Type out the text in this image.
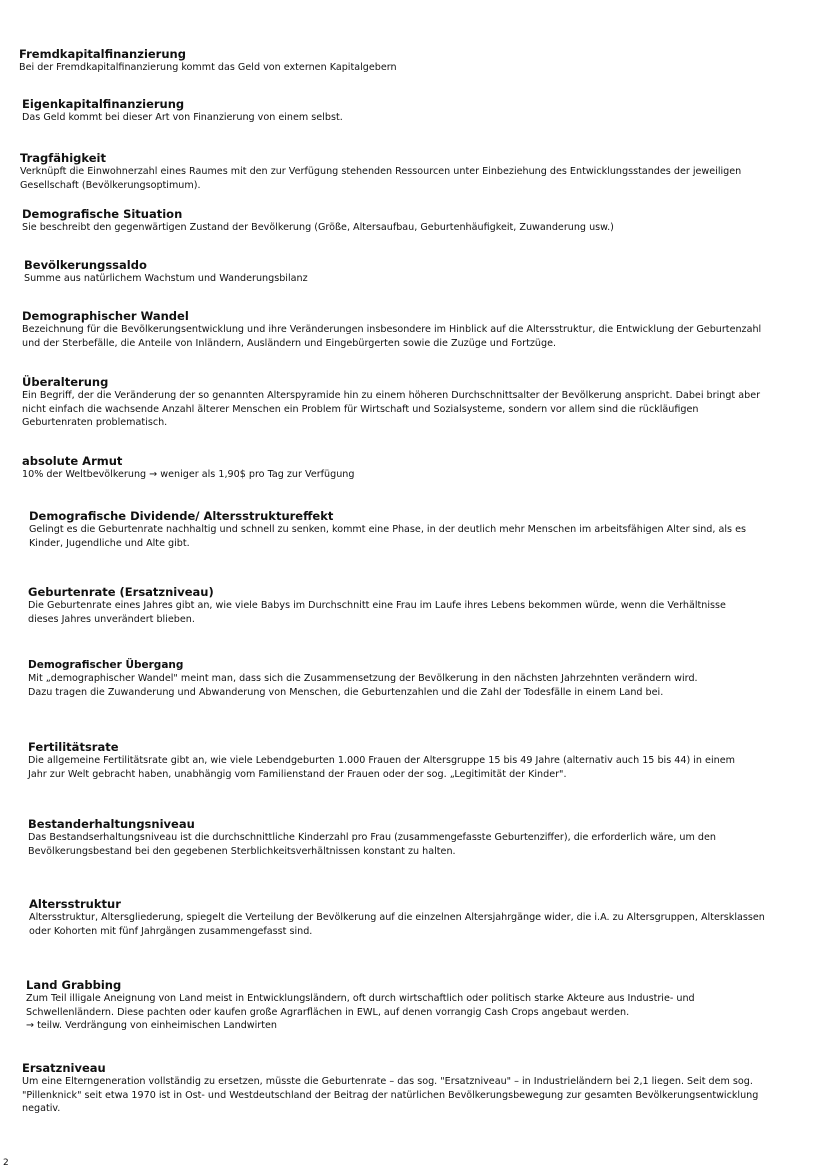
Fremdkapitalfinanzierung

Bei der Fremdkapitalfinanzierung kommt das Geld von externen Kapitalgebern

Eigenkapitalfinanzierung

Das Geld kommt bei dieser Art von Finanzierung von einem selbst.

Tragfähigkeit

Verknüpft die Einwohnerzahl eines Raumes mit den zur Verfügung stehenden Ressourcen unter Einbeziehung des Entwicklungsstandes der jeweiligen
Gesellschaft (Bevölkerungsoptimum).

Demografische Situation

Sie beschreibt den gegenwärtigen Zustand der Bevölkerung (Größe, Altersaufbau, Geburtenhäufigkeit, Zuwanderung usw.)

Bevölkerungssaldo

Summe aus natürlichem Wachstum und Wanderungsbilanz

Demographischer Wandel

Bezeichnung für die Bevölkerungsentwicklung und ihre Veränderungen insbesondere im Hinblick auf die Altersstruktur, die Entwicklung der Geburtenzahl
und der Sterbefälle, die Anteile von Inländern, Ausländern und Eingebürgerten sowie die Zuzüge und Fortzüge.

Überalterung

Ein Begriff, der die Veränderung der so genannten Alterspyramide hin zu einem höheren Durchschnittsalter der Bevölkerung anspricht. Dabei bringt aber
nicht einfach die wachsende Anzahl älterer Menschen ein Problem für Wirtschaft und Sozialsysteme, sondern vor allem sind die rückläufigen
Geburtenraten problematisch.

absolute Armut

10% der Weltbevölkerung → weniger als 1,90$ pro Tag zur Verfügung

Demografische Dividende/ Altersstruktureffekt

Gelingt es die Geburtenrate nachhaltig und schnell zu senken, kommt eine Phase, in der deutlich mehr Menschen im arbeitsfähigen Alter sind, als es
Kinder, Jugendliche und Alte gibt.

Geburtenrate (Ersatzniveau)

Die Geburtenrate eines Jahres gibt an, wie viele Babys im Durchschnitt eine Frau im Laufe ihres Lebens bekommen würde, wenn die Verhältnisse
dieses Jahres unverändert blieben.

Demografischer Übergang

Mit „demographischer Wandel" meint man, dass sich die Zusammensetzung der Bevölkerung in den nächsten Jahrzehnten verändern wird.
Dazu tragen die Zuwanderung und Abwanderung von Menschen, die Geburtenzahlen und die Zahl der Todesfälle in einem Land bei.

Fertilitätsrate

Die allgemeine Fertilitätsrate gibt an, wie viele Lebendgeburten 1.000 Frauen der Altersgruppe 15 bis 49 Jahre (alternativ auch 15 bis 44) in einem
Jahr zur Welt gebracht haben, unabhängig vom Familienstand der Frauen oder der sog. „Legitimität der Kinder".

Bestanderhaltungsniveau

Das Bestandserhaltungsniveau ist die durchschnittliche Kinderzahl pro Frau (zusammengefasste Geburtenziffer), die erforderlich wäre, um den
Bevölkerungsbestand bei den gegebenen Sterblichkeitsverhältnissen konstant zu halten.

Altersstruktur

Altersstruktur, Altersgliederung, spiegelt die Verteilung der Bevölkerung auf die einzelnen Altersjahrgänge wider, die i.A. zu Altersgruppen, Altersklassen
oder Kohorten mit fünf Jahrgängen zusammengefasst sind.

Land Grabbing

Zum Teil illigale Aneignung von Land meist in Entwicklungsländern, oft durch wirtschaftlich oder politisch starke Akteure aus Industrie- und
Schwellenländern. Diese pachten oder kaufen große Agrarflächen in EWL, auf denen vorrangig Cash Crops angebaut werden.
→ teilw. Verdrängung von einheimischen Landwirten

Ersatzniveau

Um eine Elterngeneration vollständig zu ersetzen, müsste die Geburtenrate – das sog. "Ersatzniveau" – in Industrieländern bei 2,1 liegen. Seit dem sog.
"Pillenknick" seit etwa 1970 ist in Ost- und Westdeutschland der Beitrag der natürlichen Bevölkerungsbewegung zur gesamten Bevölkerungsentwicklung
negativ.

2
